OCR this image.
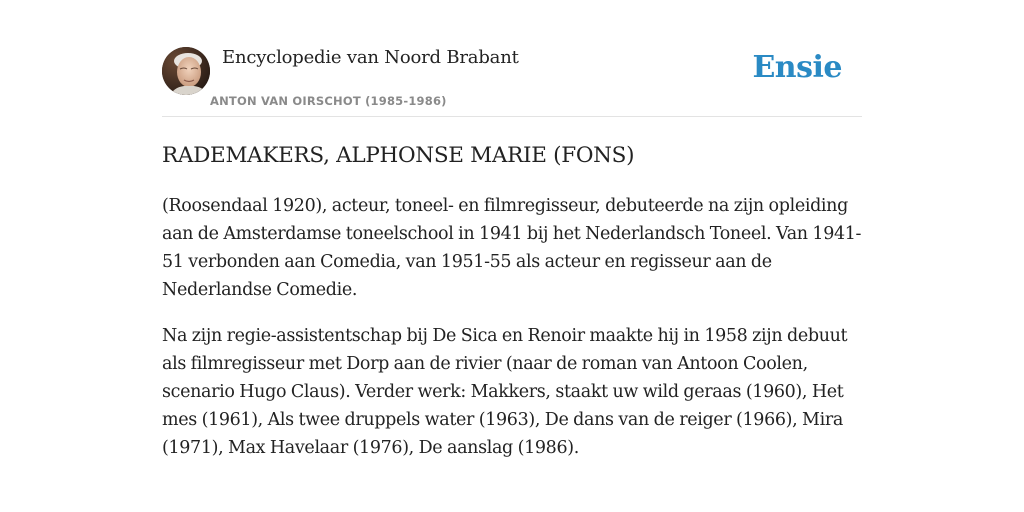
Encyclopedie van Noord Brabant
ANTON VAN OIRSCHOT (1985-1986)
Ensie
RADEMAKERS, ALPHONSE MARIE (FONS)

(Roosendaal 1920), acteur, toneel- en filmregisseur, debuteerde na zijn opleiding aan de Amsterdamse toneelschool in 1941 bij het Nederlandsch Toneel. Van 1941-51 verbonden aan Comedia, van 1951-55 als acteur en regisseur aan de Nederlandse Comedie.

Na zijn regie-assistentschap bij De Sica en Renoir maakte hij in 1958 zijn debuut als filmregisseur met Dorp aan de rivier (naar de roman van Antoon Coolen, scenario Hugo Claus). Verder werk: Makkers, staakt uw wild geraas (1960), Het mes (1961), Als twee druppels water (1963), De dans van de reiger (1966), Mira (1971), Max Havelaar (1976), De aanslag (1986).
